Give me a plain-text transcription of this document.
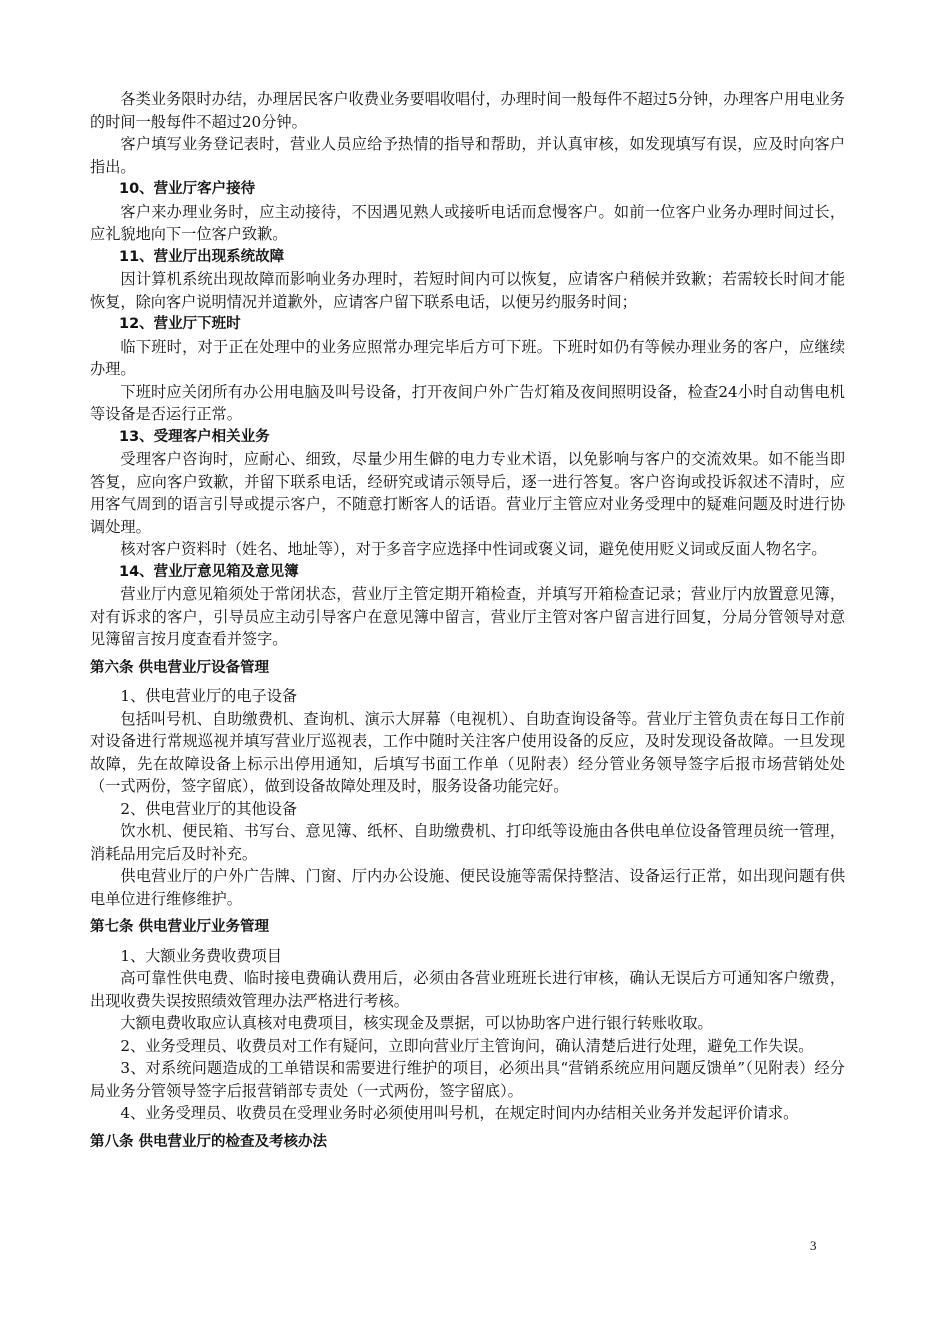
各类业务限时办结，办理居民客户收费业务要唱收唱付，办理时间一般每件不超过5分钟，办理客户用电业务的时间一般每件不超过20分钟。

客户填写业务登记表时，营业人员应给予热情的指导和帮助，并认真审核，如发现填写有误，应及时向客户指出。

10、营业厅客户接待

客户来办理业务时，应主动接待，不因遇见熟人或接听电话而怠慢客户。如前一位客户业务办理时间过长，应礼貌地向下一位客户致歉。

11、营业厅出现系统故障

因计算机系统出现故障而影响业务办理时，若短时间内可以恢复，应请客户稍候并致歉；若需较长时间才能恢复，除向客户说明情况并道歉外，应请客户留下联系电话，以便另约服务时间；

12、营业厅下班时

临下班时，对于正在处理中的业务应照常办理完毕后方可下班。下班时如仍有等候办理业务的客户，应继续办理。

下班时应关闭所有办公用电脑及叫号设备，打开夜间户外广告灯箱及夜间照明设备，检查24小时自动售电机等设备是否运行正常。

13、受理客户相关业务

受理客户咨询时，应耐心、细致，尽量少用生僻的电力专业术语，以免影响与客户的交流效果。如不能当即答复，应向客户致歉，并留下联系电话，经研究或请示领导后，逐一进行答复。客户咨询或投诉叙述不清时，应用客气周到的语言引导或提示客户，不随意打断客人的话语。营业厅主管应对业务受理中的疑难问题及时进行协调处理。

核对客户资料时（姓名、地址等），对于多音字应选择中性词或褒义词，避免使用贬义词或反面人物名字。

14、营业厅意见箱及意见簿

营业厅内意见箱须处于常闭状态，营业厅主管定期开箱检查，并填写开箱检查记录；营业厅内放置意见簿，对有诉求的客户，引导员应主动引导客户在意见簿中留言，营业厅主管对客户留言进行回复，分局分管领导对意见簿留言按月度查看并签字。

第六条 供电营业厅设备管理

1、供电营业厅的电子设备

包括叫号机、自助缴费机、查询机、演示大屏幕（电视机）、自助查询设备等。营业厅主管负责在每日工作前对设备进行常规巡视并填写营业厅巡视表，工作中随时关注客户使用设备的反应，及时发现设备故障。一旦发现故障，先在故障设备上标示出停用通知，后填写书面工作单（见附表）经分管业务领导签字后报市场营销处处（一式两份，签字留底），做到设备故障处理及时，服务设备功能完好。

2、供电营业厅的其他设备

饮水机、便民箱、书写台、意见簿、纸杯、自助缴费机、打印纸等设施由各供电单位设备管理员统一管理，消耗品用完后及时补充。

供电营业厅的户外广告牌、门窗、厅内办公设施、便民设施等需保持整洁、设备运行正常，如出现问题有供电单位进行维修维护。

第七条 供电营业厅业务管理

1、大额业务费收费项目

高可靠性供电费、临时接电费确认费用后，必须由各营业班班长进行审核，确认无误后方可通知客户缴费，出现收费失误按照绩效管理办法严格进行考核。

大额电费收取应认真核对电费项目，核实现金及票据，可以协助客户进行银行转账收取。

2、业务受理员、收费员对工作有疑问，立即向营业厅主管询问，确认清楚后进行处理，避免工作失误。

3、对系统问题造成的工单错误和需要进行维护的项目，必须出具“营销系统应用问题反馈单”（见附表）经分局业务分管领导签字后报营销部专责处（一式两份，签字留底）。

4、业务受理员、收费员在受理业务时必须使用叫号机，在规定时间内办结相关业务并发起评价请求。

第八条 供电营业厅的检查及考核办法

3
